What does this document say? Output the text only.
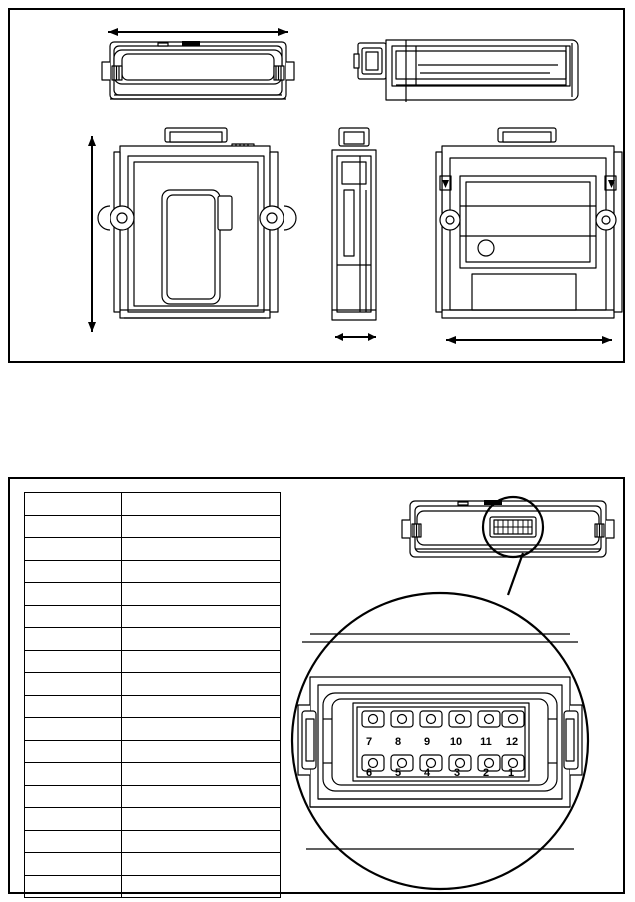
7	8	9	10	11	12
6	5	4	3	2	1
